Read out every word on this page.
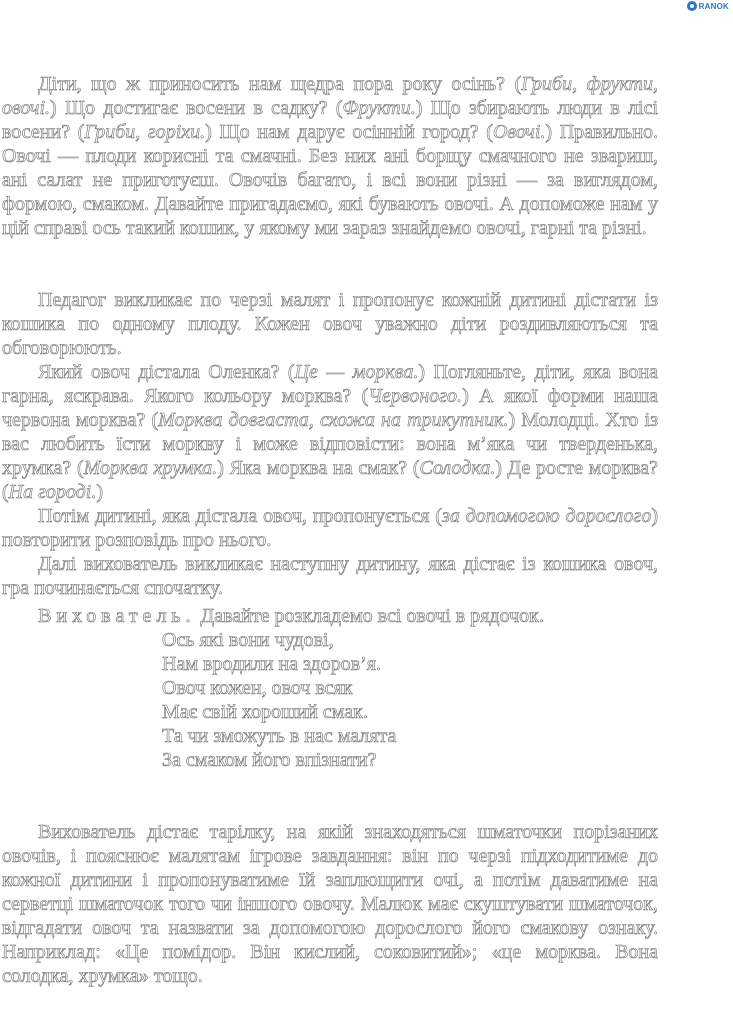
RANOK

Діти, що ж приносить нам щедра пора року осінь? (Гриби, фрукти, овочі.) Що достигає восени в садку? (Фрукти.) Що збирають люди в лісі восени? (Гриби, горіхи.) Що нам дарує осінній город? (Овочі.) Правильно. Овочі — плоди корисні та смачні. Без них ані борщу смачного не звариш, ані салат не приготуєш. Овочів багато, і всі вони різні — за виглядом, формою, смаком. Давайте пригадаємо, які бувають овочі. А допоможе нам у цій справі ось такий кошик, у якому ми зараз знайдемо овочі, гарні та різні.

Педагог викликає по черзі малят і пропонує кожній дитині дістати із кошика по одному плоду. Кожен овоч уважно діти роздивляються та обговорюють.

Який овоч дістала Оленка? (Це — морква.) Погляньте, діти, яка вона гарна, яскрава. Якого кольору морква? (Червоного.) А якої форми наша червона морква? (Морква довгаста, схожа на трикутник.) Молодці. Хто із вас любить їсти моркву і може відповісти: вона м’яка чи тверденька, хрумка? (Морква хрумка.) Яка морква на смак? (Солодка.) Де росте морква? (На городі.)

Потім дитині, яка дістала овоч, пропонується (за допомогою дорослого) повторити розповідь про нього.

Далі вихователь викликає наступну дитину, яка дістає із кошика овоч, гра починається спочатку.

Вихователь. Давайте розкладемо всі овочі в рядочок.

Ось які вони чудові,
Нам вродили на здоров’я.
Овоч кожен, овоч всяк
Має свій хороший смак.
Та чи зможуть в нас малята
За смаком його впізнати?

Вихователь дістає тарілку, на якій знаходяться шматочки порізаних овочів, і пояснює малятам ігрове завдання: він по черзі підходитиме до кожної дитини і пропонуватиме їй заплющити очі, а потім даватиме на серветці шматочок того чи іншого овочу. Малюк має скуштувати шматочок, відгадати овоч та назвати за допомогою дорослого його смакову ознаку. Наприклад: «Це помідор. Він кислий, соковитий»; «це морква. Вона солодка, хрумка» тощо.
